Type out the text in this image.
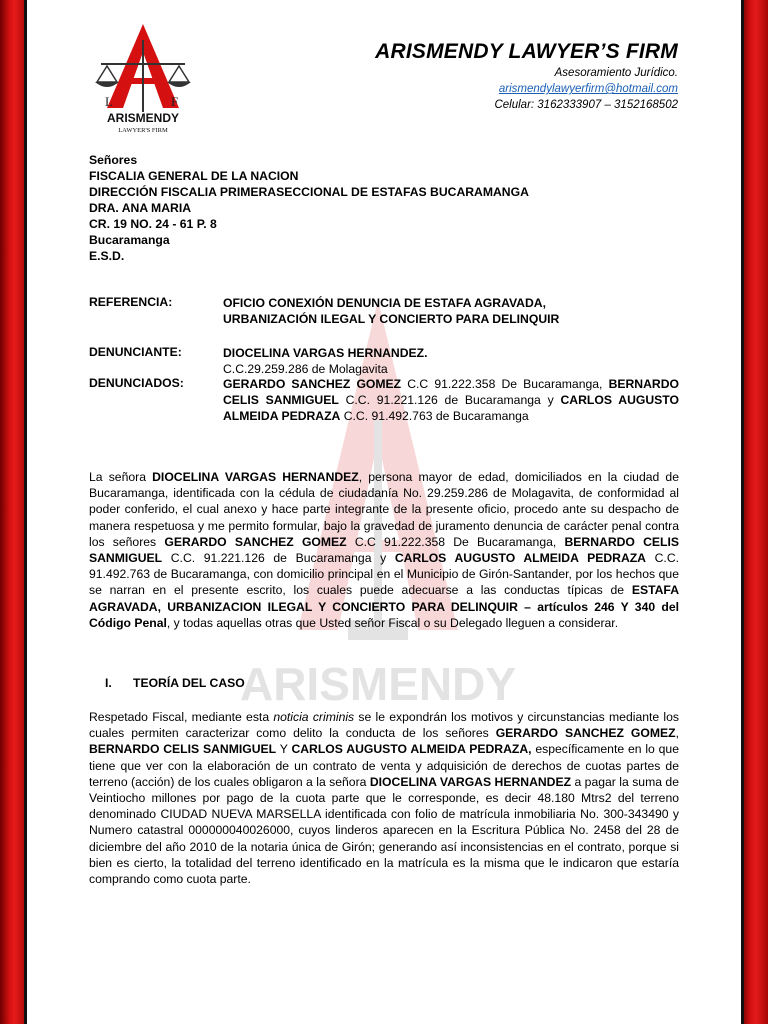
ARISMENDY
L	F
ARISMENDY
LAWYER'S FIRM
ARISMENDY LAWYER’S FIRM
Asesoramiento Jurídico.
arismendylawyerfirm@hotmail.com
Celular: 3162333907 – 3152168502
Señores
FISCALIA GENERAL DE LA NACION
DIRECCIÓN FISCALIA PRIMERASECCIONAL DE ESTAFAS BUCARAMANGA
DRA. ANA MARIA
CR. 19 NO. 24 - 61 P. 8
Bucaramanga
E.S.D.
REFERENCIA:	OFICIO CONEXIÓN DENUNCIA DE ESTAFA AGRAVADA,
URBANIZACIÓN ILEGAL Y CONCIERTO PARA DELINQUIR
DENUNCIANTE:	DIOCELINA VARGAS HERNANDEZ.
C.C.29.259.286 de Molagavita
DENUNCIADOS:	GERARDO SANCHEZ GOMEZ C.C 91.222.358 De Bucaramanga, BERNARDO CELIS SANMIGUEL C.C. 91.221.126 de Bucaramanga y CARLOS AUGUSTO ALMEIDA PEDRAZA C.C. 91.492.763 de Bucaramanga
La señora DIOCELINA VARGAS HERNANDEZ, persona mayor de edad, domiciliados en la ciudad de Bucaramanga, identificada con la cédula de ciudadanía No. 29.259.286 de Molagavita, de conformidad al poder conferido, el cual anexo y hace parte integrante de la presente oficio, procedo ante su despacho de manera respetuosa y me permito formular, bajo la gravedad de juramento denuncia de carácter penal contra los señores GERARDO SANCHEZ GOMEZ C.C 91.222.358 De Bucaramanga, BERNARDO CELIS SANMIGUEL C.C. 91.221.126 de Bucaramanga y CARLOS AUGUSTO ALMEIDA PEDRAZA C.C. 91.492.763 de Bucaramanga, con domicilio principal en el Municipio de Girón-Santander, por los hechos que se narran en el presente escrito, los cuales puede adecuarse a las conductas típicas de ESTAFA AGRAVADA, URBANIZACION ILEGAL Y CONCIERTO PARA DELINQUIR – artículos 246 Y 340 del Código Penal, y todas aquellas otras que Usted señor Fiscal o su Delegado lleguen a considerar.
I. TEORÍA DEL CASO
Respetado Fiscal, mediante esta noticia criminis se le expondrán los motivos y circunstancias mediante los cuales permiten caracterizar como delito la conducta de los señores GERARDO SANCHEZ GOMEZ, BERNARDO CELIS SANMIGUEL Y CARLOS AUGUSTO ALMEIDA PEDRAZA, específicamente en lo que tiene que ver con la elaboración de un contrato de venta y adquisición de derechos de cuotas partes de terreno (acción) de los cuales obligaron a la señora DIOCELINA VARGAS HERNANDEZ a pagar la suma de Veintiocho millones por pago de la cuota parte que le corresponde, es decir 48.180 Mtrs2 del terreno denominado CIUDAD NUEVA MARSELLA identificada con folio de matrícula inmobiliaria No. 300-343490 y Numero catastral 000000040026000, cuyos linderos aparecen en la Escritura Pública No. 2458 del 28 de diciembre del año 2010 de la notaria única de Girón; generando así inconsistencias en el contrato, porque si bien es cierto, la totalidad del terreno identificado en la matrícula es la misma que le indicaron que estaría comprando como cuota parte.
